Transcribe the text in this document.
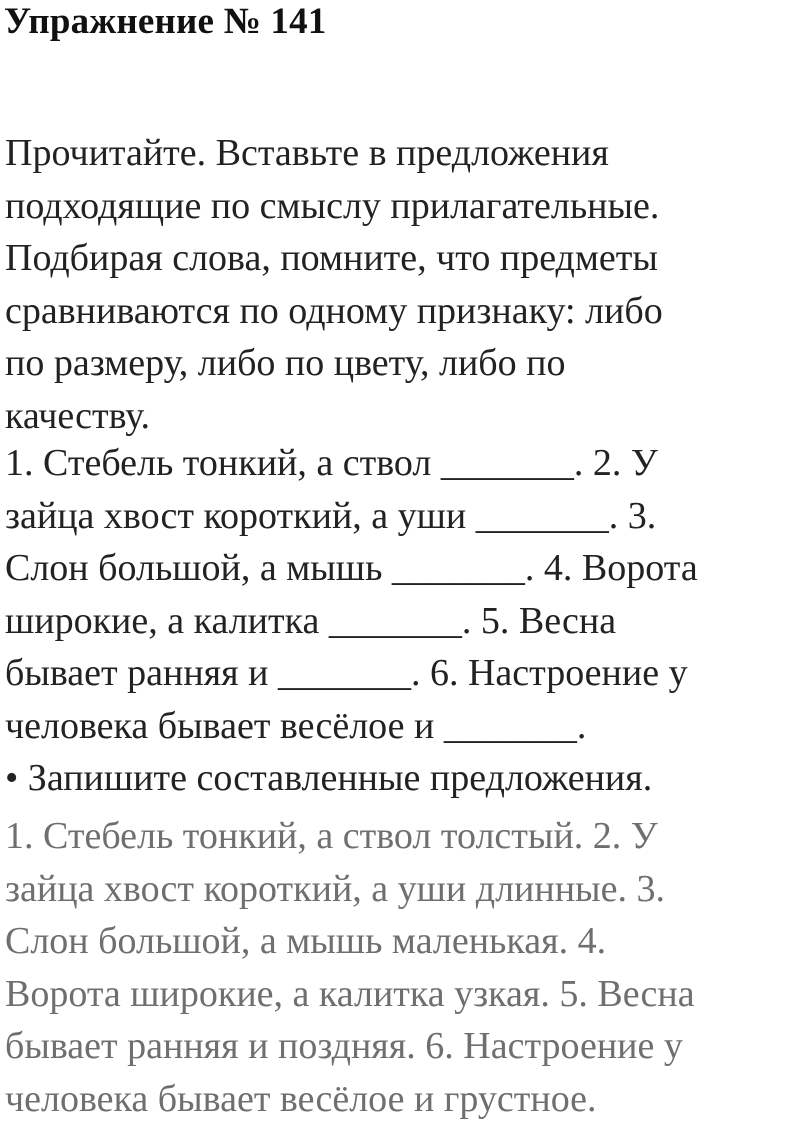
Упражнение № 141
Прочитайте. Вставьте в предложения
подходящие по смыслу прилагательные.
Подбирая слова, помните, что предметы
сравниваются по одному признаку: либо
по размеру, либо по цвету, либо по
качеству.
1. Стебель тонкий, а ствол _______. 2. У
зайца хвост короткий, а уши _______. 3.
Слон большой, а мышь _______. 4. Ворота
широкие, а калитка _______. 5. Весна
бывает ранняя и _______. 6. Настроение у
человека бывает весёлое и _______.
• Запишите составленные предложения.
1. Стебель тонкий, а ствол толстый. 2. У
зайца хвост короткий, а уши длинные. 3.
Слон большой, а мышь маленькая. 4.
Ворота широкие, а калитка узкая. 5. Весна
бывает ранняя и поздняя. 6. Настроение у
человека бывает весёлое и грустное.
